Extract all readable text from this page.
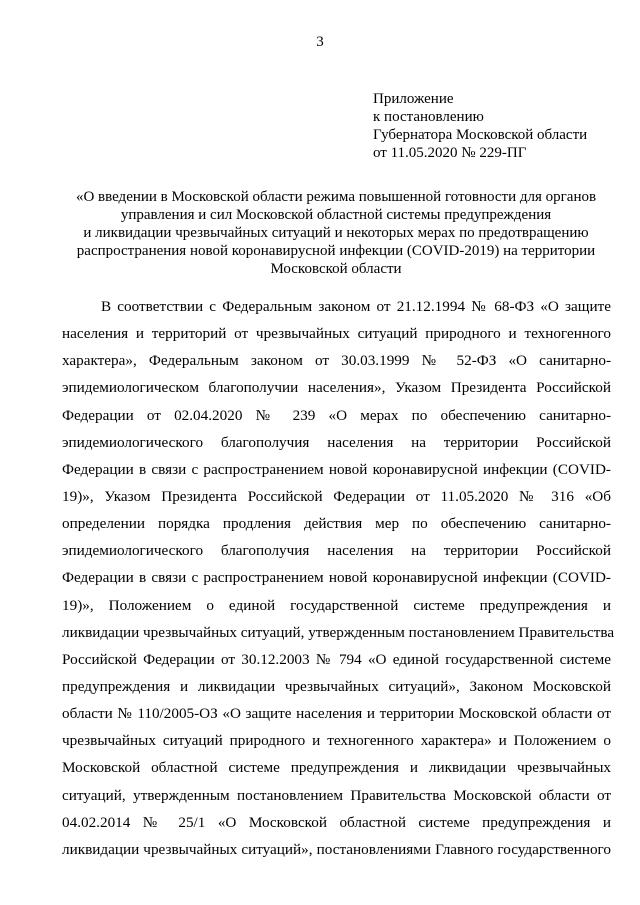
3
Приложение
к постановлению
Губернатора Московской области
от 11.05.2020 № 229-ПГ
«О введении в Московской области режима повышенной готовности для органов
управления и сил Московской областной системы предупреждения
и ликвидации чрезвычайных ситуаций и некоторых мерах по предотвращению
распространения новой коронавирусной инфекции (COVID-2019) на территории
Московской области
В соответствии с Федеральным законом от 21.12.1994 № 68-ФЗ «О защите
населения и территорий от чрезвычайных ситуаций природного и техногенного
характера», Федеральным законом от 30.03.1999 № 52-ФЗ «О санитарно-
эпидемиологическом благополучии населения», Указом Президента Российской
Федерации от 02.04.2020 № 239 «О мерах по обеспечению санитарно-
эпидемиологического благополучия населения на территории Российской
Федерации в связи с распространением новой коронавирусной инфекции (COVID-
19)», Указом Президента Российской Федерации от 11.05.2020 № 316 «Об
определении порядка продления действия мер по обеспечению санитарно-
эпидемиологического благополучия населения на территории Российской
Федерации в связи с распространением новой коронавирусной инфекции (COVID-
19)», Положением о единой государственной системе предупреждения и
ликвидации чрезвычайных ситуаций, утвержденным постановлением Правительства
Российской Федерации от 30.12.2003 № 794 «О единой государственной системе
предупреждения и ликвидации чрезвычайных ситуаций», Законом Московской
области № 110/2005-ОЗ «О защите населения и территории Московской области от
чрезвычайных ситуаций природного и техногенного характера» и Положением о
Московской областной системе предупреждения и ликвидации чрезвычайных
ситуаций, утвержденным постановлением Правительства Московской области от
04.02.2014 № 25/1 «О Московской областной системе предупреждения и
ликвидации чрезвычайных ситуаций», постановлениями Главного государственного
